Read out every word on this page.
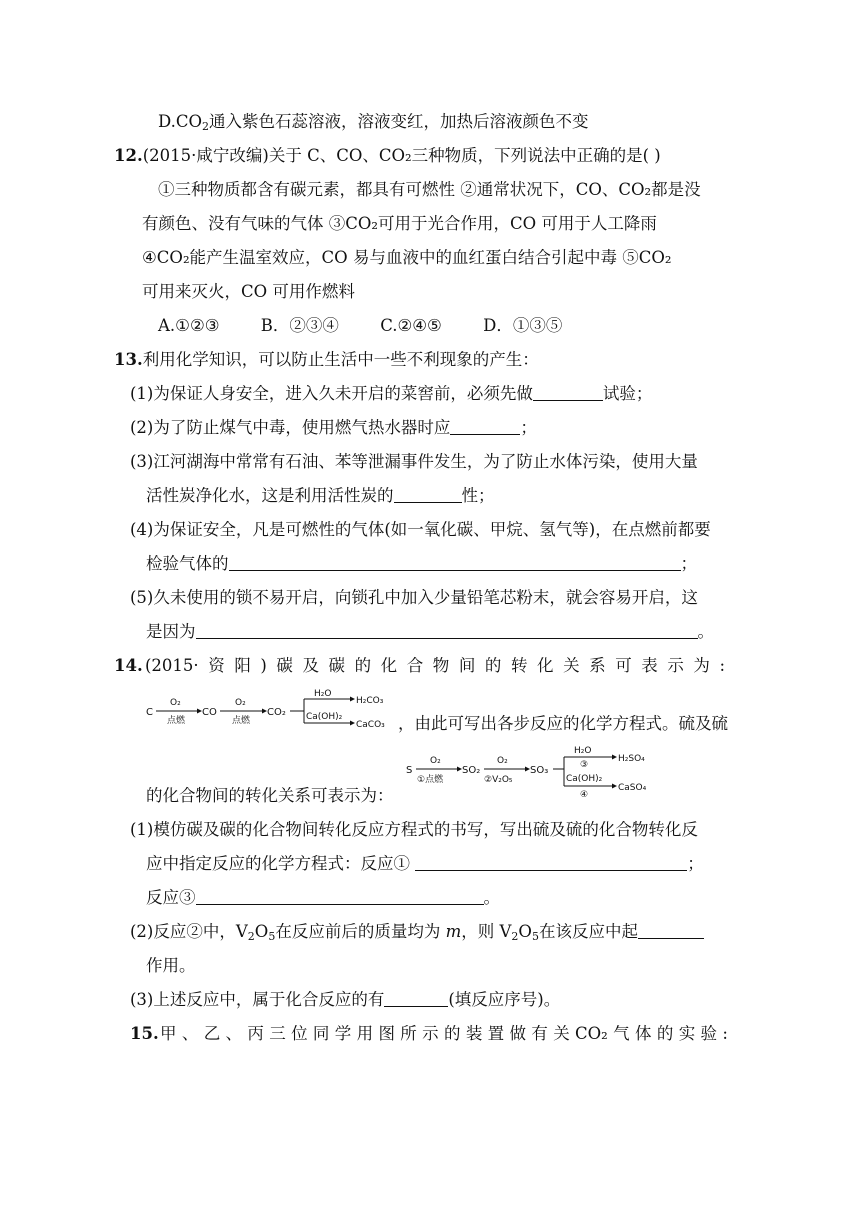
$D.CO_2$通入紫色石蕊溶液，溶液变红，加热后溶液颜色不变
12.(2015·咸宁改编)关于 C、CO、CO₂三种物质，下列说法中正确的是( )
①三种物质都含有碳元素，都具有可燃性 ②通常状况下，CO、CO₂都是没
有颜色、没有气味的气体 ③CO₂可用于光合作用，CO 可用于人工降雨
④CO₂能产生温室效应，CO 易与血液中的血红蛋白结合引起中毒 ⑤CO₂
可用来灭火，CO 可用作燃料
A.①②③	B．②③④	C.②④⑤	D．①③⑤
13.利用化学知识，可以防止生活中一些不利现象的产生：
(1)为保证人身安全，进入久未开启的菜窖前，必须先做	试验；
(2)为了防止煤气中毒，使用燃气热水器时应	；
(3)江河湖海中常常有石油、苯等泄漏事件发生，为了防止水体污染，使用大量
活性炭净化水，这是利用活性炭的	性；
(4)为保证安全，凡是可燃性的气体(如一氧化碳、甲烷、氢气等)，在点燃前都要
检验气体的	；
(5)久未使用的锁不易开启，向锁孔中加入少量铅笔芯粉末，就会容易开启，这
是因为	。
14. (2015· 资 阳 ) 碳 及 碳 的 化 合 物 间 的 转 化 关 系 可 表 示 为 :
C
O₂
点燃
CO
O₂
点燃
CO₂
H₂O
H₂CO₃
Ca(OH)₂
CaCO₃ ，由此可写出各步反应的化学方程式。硫及硫
S
O₂
①点燃
SO₂
O₂
②V₂O₅
SO₃
H₂O
③
H₂SO₄
Ca(OH)₂
④
CaSO₄
的化合物间的转化关系可表示为：
(1)模仿碳及碳的化合物间转化反应方程式的书写，写出硫及硫的化合物转化反
应中指定反应的化学方程式：反应①	；
反应③	。
(2)反应②中，$V_2O_5$在反应前后的质量均为 m，则 $V_2O_5$在该反应中起
作用。
(3)上述反应中，属于化合反应的有	(填反应序号)。
15. 甲 、 乙 、 丙 三 位 同 学 用 图 所 示 的 装 置 做 有 关 CO₂ 气 体 的 实 验 :
